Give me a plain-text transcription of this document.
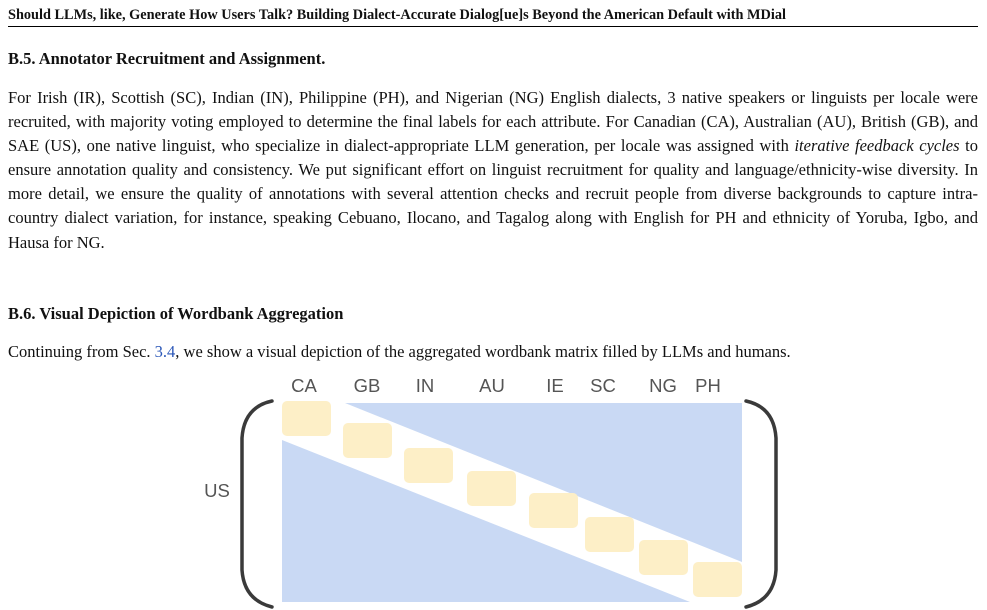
Should LLMs, like, Generate How Users Talk? Building Dialect-Accurate Dialog[ue]s Beyond the American Default with MDial
B.5. Annotator Recruitment and Assignment.

For Irish (IR), Scottish (SC), Indian (IN), Philippine (PH), and Nigerian (NG) English dialects, 3 native speakers or linguists per locale were recruited, with majority voting employed to determine the final labels for each attribute. For Canadian (CA), Australian (AU), British (GB), and SAE (US), one native linguist, who specialize in dialect-appropriate LLM generation, per locale was assigned with iterative feedback cycles to ensure annotation quality and consistency. We put significant effort on linguist recruitment for quality and language/ethnicity-wise diversity. In more detail, we ensure the quality of annotations with several attention checks and recruit people from diverse backgrounds to capture intra-country dialect variation, for instance, speaking Cebuano, Ilocano, and Tagalog along with English for PH and ethnicity of Yoruba, Igbo, and Hausa for NG.

B.6. Visual Depiction of Wordbank Aggregation

Continuing from Sec. 3.4, we show a visual depiction of the aggregated wordbank matrix filled by LLMs and humans.

CA GB IN AU IE SC NG PH
US
